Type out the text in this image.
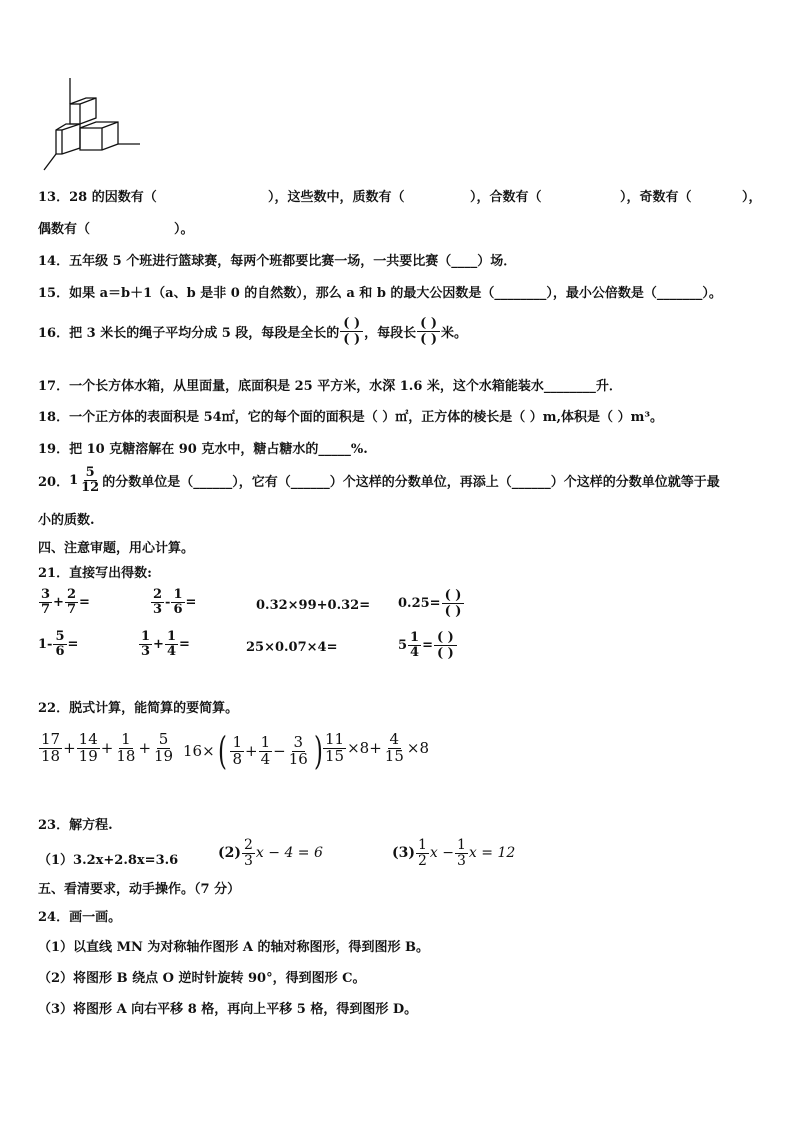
13．28 的因数有（	），这些数中，质数有（	），合数有（	），奇数有（	），
偶数有（	）。
14．五年级 5 个班进行篮球赛，每两个班都要比赛一场，一共要比赛（____）场．
15．如果 a＝b＋1（a、b 是非 0 的自然数），那么 a 和 b 的最大公因数是（________），最小公倍数是（_______）。
16．把 3 米长的绳子平均分成 5 段，每段是全长的
( )
( ) ，每段长
( )
( ) 米。
17．一个长方体水箱，从里面量，底面积是 25 平方米，水深 1.6 米，这个水箱能装水________升．
18．一个正方体的表面积是 54㎡，它的每个面的面积是（ ）㎡，正方体的棱长是（ ）m,体积是（ ）m³。
19．把 10 克糖溶解在 90 克水中，糖占糖水的_____%.
20． $1 \frac{5}{12}$ 的分数单位是（______），它有（______）个这样的分数单位，再添上（______）个这样的分数单位就等于最
小的质数.
四、注意审题，用心计算。
21．直接写出得数:
$\frac{3}{7} + \frac{2}{7}$ =	$\frac{2}{3} - \frac{1}{6}$ =	0.32×99+0.32= 0.25=
( )
( )
$1- \frac{5}{6}$ =	$\frac{1}{3} + \frac{1}{4}$ =	25×0.07×4=	$5 \frac{1}{4}$ =
( )
( )
22．脱式计算，能简算的要简算。
$\frac{17}{18} + \frac{14}{19} + \frac{1}{18} + \frac{5}{19} 16\times$ ( $\frac{1}{8} + \frac{1}{4} - \frac{3}{16}$ ) $\frac{11}{15} \times 8+ \frac{4}{15} \times 8$
23．解方程.
（1）3.2x+2.8x=3.6	$(2) \frac{2}{3}$ x − 4 = 6	$(3) \frac{1}{2}$ $x - \frac{1}{3}$ x = 12
五、看清要求，动手操作。（7 分）
24．画一画。
（1）以直线 MN 为对称轴作图形 A 的轴对称图形，得到图形 B。
（2）将图形 B 绕点 O 逆时针旋转 90°，得到图形 C。
（3）将图形 A 向右平移 8 格，再向上平移 5 格，得到图形 D。
